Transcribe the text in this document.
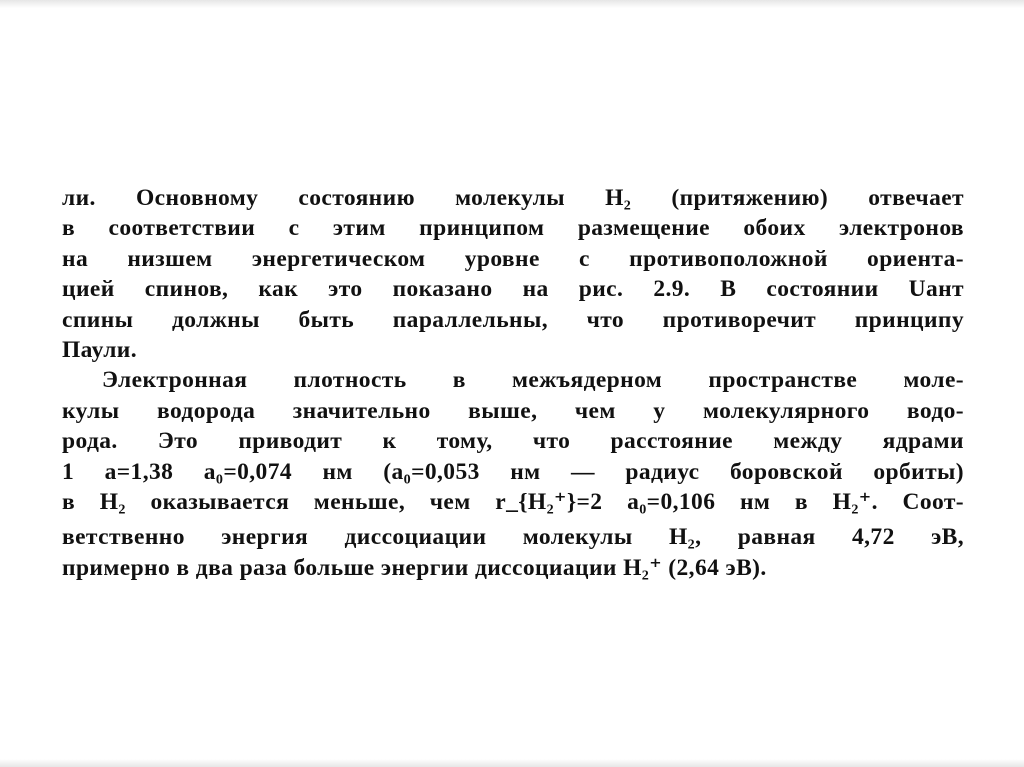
ли. Основному состоянию молекулы H₂ (притяжению) отвечает
в соответствии с этим принципом размещение обоих электронов
на низшем энергетическом уровне с противоположной ориента-
цией спинов, как это показано на рис. 2.9. В состоянии Uант
спины должны быть параллельны, что противоречит принципу
Паули.
Электронная плотность в межъядерном пространстве моле-
кулы водорода значительно выше, чем у молекулярного водо-
рода. Это приводит к тому, что расстояние между ядрами
1 a=1,38 a₀=0,074 нм (a₀=0,053 нм — радиус боровской орбиты)
в H₂ оказывается меньше, чем r_{H₂⁺}=2 a₀=0,106 нм в H₂⁺. Соот-
ветственно энергия диссоциации молекулы H₂, равная 4,72 эВ,
примерно в два раза больше энергии диссоциации H₂⁺ (2,64 эВ).
